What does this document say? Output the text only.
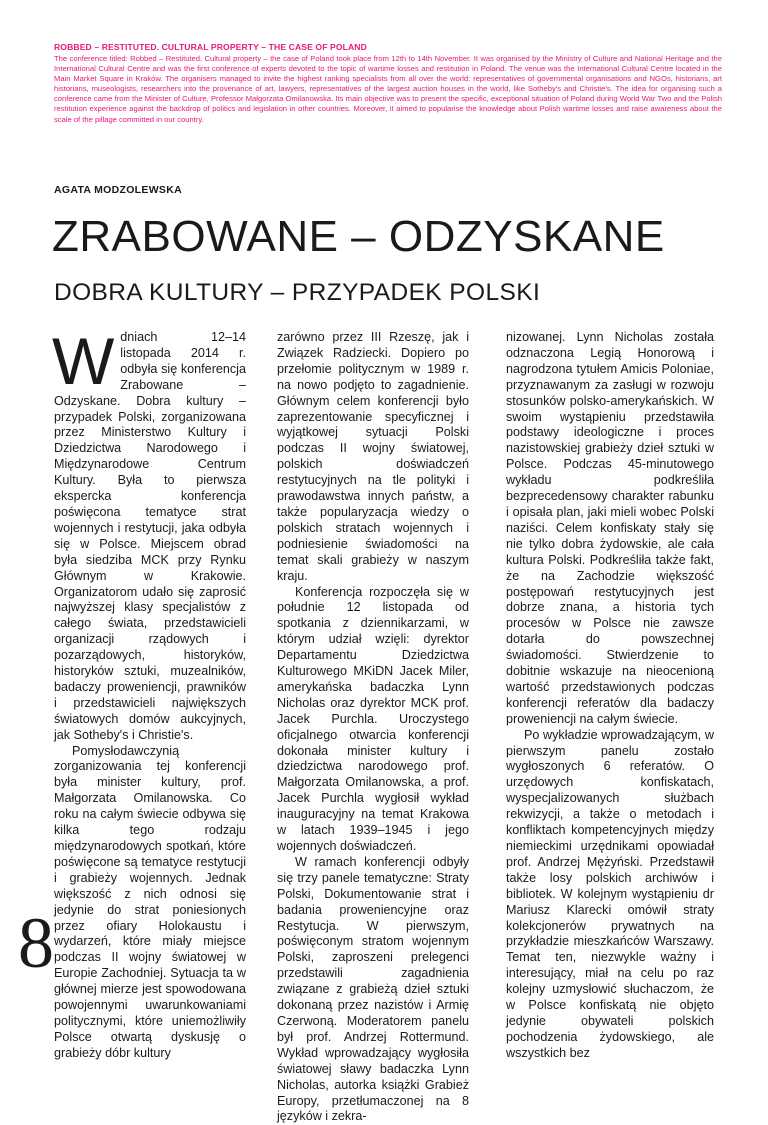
ROBBED – RESTITUTED. CULTURAL PROPERTY – THE CASE OF POLAND

The conference titled: Robbed – Restituted. Cultural property – the case of Poland took place from 12th to 14th November. It was organised by the Ministry of Culture and National Heritage and the International Cultural Centre and was the first conference of experts devoted to the topic of wartime losses and restitution in Poland. The venue was the International Cultural Centre located in the Main Market Square in Kraków. The organisers managed to invite the highest ranking specialists from all over the world: representatives of governmental organisations and NGOs, historians, art historians, museologists, researchers into the provenance of art, lawyers, representatives of the largest auction houses in the world, like Sotheby's and Christie's. The idea for organising such a conference came from the Minister of Culture, Professor Małgorzata Omilanowska. Its main objective was to present the specific, exceptional situation of Poland during World War Two and the Polish restitution experience against the backdrop of politics and legislation in other countries. Moreover, it aimed to popularise the knowledge about Polish wartime losses and raise awareness about the scale of the pillage committed in our country.

AGATA MODZOLEWSKA

ZRABOWANE – ODZYSKANE
DOBRA KULTURY – PRZYPADEK POLSKI

W dniach 12–14 listopada 2014 r. odbyła się konferencja Zrabowane – Odzyskane. Dobra kultury – przypadek Polski, zorganizowana przez Ministerstwo Kultury i Dziedzictwa Narodowego i Międzynarodowe Centrum Kultury. Była to pierwsza ekspercka konferencja poświęcona tematyce strat wojennych i restytucji, jaka odbyła się w Polsce. Miejscem obrad była siedziba MCK przy Rynku Głównym w Krakowie. Organizatorom udało się zaprosić najwyższej klasy specjalistów z całego świata, przedstawicieli organizacji rządowych i pozarządowych, historyków, historyków sztuki, muzealników, badaczy proweniencji, prawników i przedstawicieli największych światowych domów aukcyjnych, jak Sotheby's i Christie's.

Pomysłodawczynią zorganizowania tej konferencji była minister kultury, prof. Małgorzata Omilanowska. Co roku na całym świecie odbywa się kilka tego rodzaju międzynarodowych spotkań, które poświęcone są tematyce restytucji i grabieży wojennych. Jednak większość z nich odnosi się jedynie do strat poniesionych przez ofiary Holokaustu i wydarzeń, które miały miejsce podczas II wojny światowej w Europie Zachodniej. Sytuacja ta w głównej mierze jest spowodowana powojennymi uwarunkowaniami politycznymi, które uniemożliwiły Polsce otwartą dyskusję o grabieży dóbr kultury

zarówno przez III Rzeszę, jak i Związek Radziecki. Dopiero po przełomie politycznym w 1989 r. na nowo podjęto to zagadnienie. Głównym celem konferencji było zaprezentowanie specyficznej i wyjątkowej sytuacji Polski podczas II wojny światowej, polskich doświadczeń restytucyjnych na tle polityki i prawodawstwa innych państw, a także popularyzacja wiedzy o polskich stratach wojennych i podniesienie świadomości na temat skali grabieży w naszym kraju.

Konferencja rozpoczęła się w południe 12 listopada od spotkania z dziennikarzami, w którym udział wzięli: dyrektor Departamentu Dziedzictwa Kulturowego MKiDN Jacek Miler, amerykańska badaczka Lynn Nicholas oraz dyrektor MCK prof. Jacek Purchla. Uroczystego oficjalnego otwarcia konferencji dokonała minister kultury i dziedzictwa narodowego prof. Małgorzata Omilanowska, a prof. Jacek Purchla wygłosił wykład inauguracyjny na temat Krakowa w latach 1939–1945 i jego wojennych doświadczeń.

W ramach konferencji odbyły się trzy panele tematyczne: Straty Polski, Dokumentowanie strat i badania proweniencyjne oraz Restytucja. W pierwszym, poświęconym stratom wojennym Polski, zaproszeni prelegenci przedstawili zagadnienia związane z grabieżą dzieł sztuki dokonaną przez nazistów i Armię Czerwoną. Moderatorem panelu był prof. Andrzej Rottermund. Wykład wprowadzający wygłosiła światowej sławy badaczka Lynn Nicholas, autorka książki Grabież Europy, przetłumaczonej na 8 języków i zekra-

nizowanej. Lynn Nicholas została odznaczona Legią Honorową i nagrodzona tytułem Amicis Poloniae, przyznawanym za zasługi w rozwoju stosunków polsko-amerykańskich. W swoim wystąpieniu przedstawiła podstawy ideologiczne i proces nazistowskiej grabieży dzieł sztuki w Polsce. Podczas 45-minutowego wykładu podkreśliła bezprecedensowy charakter rabunku i opisała plan, jaki mieli wobec Polski naziści. Celem konfiskaty stały się nie tylko dobra żydowskie, ale cała kultura Polski. Podkreśliła także fakt, że na Zachodzie większość postępowań restytucyjnych jest dobrze znana, a historia tych procesów w Polsce nie zawsze dotarła do powszechnej świadomości. Stwierdzenie to dobitnie wskazuje na nieocenioną wartość przedstawionych podczas konferencji referatów dla badaczy proweniencji na całym świecie.

Po wykładzie wprowadzającym, w pierwszym panelu zostało wygłoszonych 6 referatów. O urzędowych konfiskatach, wyspecjalizowanych służbach rekwizycji, a także o metodach i konfliktach kompetencyjnych między niemieckimi urzędnikami opowiadał prof. Andrzej Mężyński. Przedstawił także losy polskich archiwów i bibliotek. W kolejnym wystąpieniu dr Mariusz Klarecki omówił straty kolekcjonerów prywatnych na przykładzie mieszkańców Warszawy. Temat ten, niezwykle ważny i interesujący, miał na celu po raz kolejny uzmysłowić słuchaczom, że w Polsce konfiskatą nie objęto jedynie obywateli polskich pochodzenia żydowskiego, ale wszystkich bez

8
